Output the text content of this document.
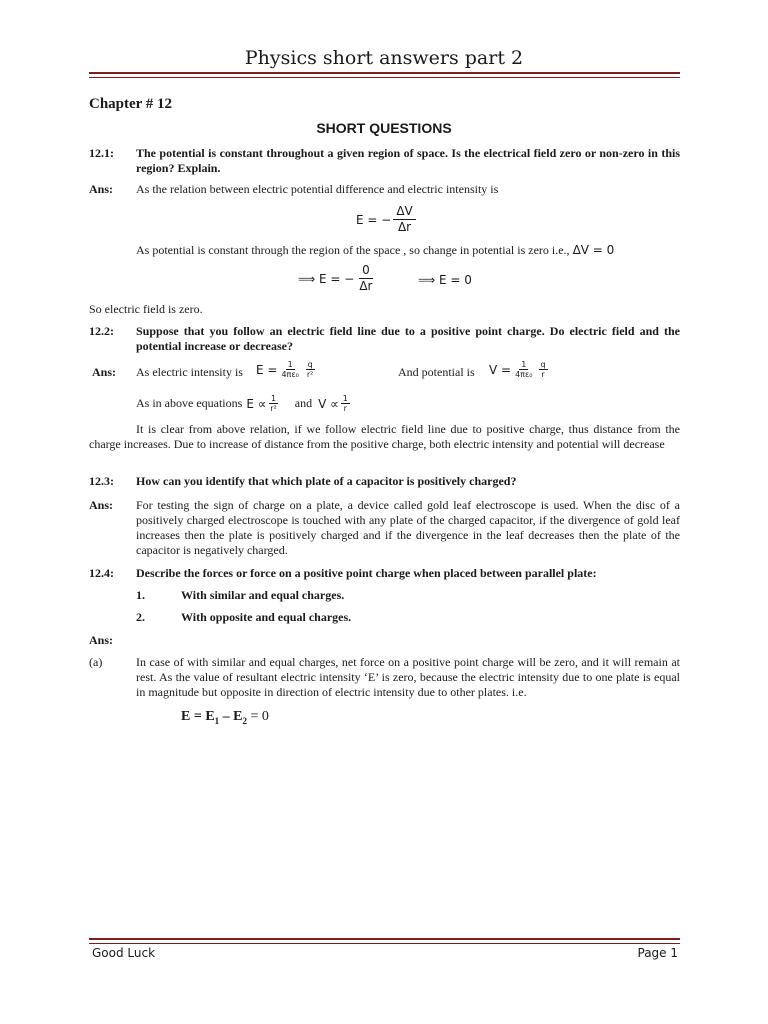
Physics short answers part 2
Chapter # 12
SHORT QUESTIONS
12.1: The potential is constant throughout a given region of space. Is the electrical field zero or non-zero in this region? Explain.
Ans: As the relation between electric potential difference and electric intensity is
E = − $\frac{\Delta V}{\Delta r}$
As potential is constant through the region of the space , so change in potential is zero i.e., ΔV = 0
⟹ E = − $\frac{0}{\Delta r}$	⟹ E = 0
So electric field is zero.
12.2: Suppose that you follow an electric field line due to a positive point charge. Do electric field and the potential increase or decrease?
Ans: As electric intensity is $E = \frac{1}{\text{4πε₀}} \frac{q}{\text{r²}}$	And potential is $V = \frac{1}{\text{4πε₀}} \frac{q}{r}$
As in above equations $E \propto \frac{1}{\text{r²}}$ and $V \propto \frac{1}{r}$
It is clear from above relation, if we follow electric field line due to positive charge, thus distance from the charge increases. Due to increase of distance from the positive charge, both electric intensity and potential will decrease
12.3: How can you identify that which plate of a capacitor is positively charged?
Ans: For testing the sign of charge on a plate, a device called gold leaf electroscope is used. When the disc of a positively charged electroscope is touched with any plate of the charged capacitor, if the divergence of gold leaf increases then the plate is positively charged and if the divergence in the leaf decreases then the plate of the capacitor is negatively charged.
12.4: Describe the forces or force on a positive point charge when placed between parallel plate:
1.	With similar and equal charges.
2.	With opposite and equal charges.
Ans:
(a)	In case of with similar and equal charges, net force on a positive point charge will be zero, and it will remain at rest. As the value of resultant electric intensity ‘E’ is zero, because the electric intensity due to one plate is equal in magnitude but opposite in direction of electric intensity due to other plates. i.e.
$E = E_1 - E_2 = 0$
Good Luck	Page 1
